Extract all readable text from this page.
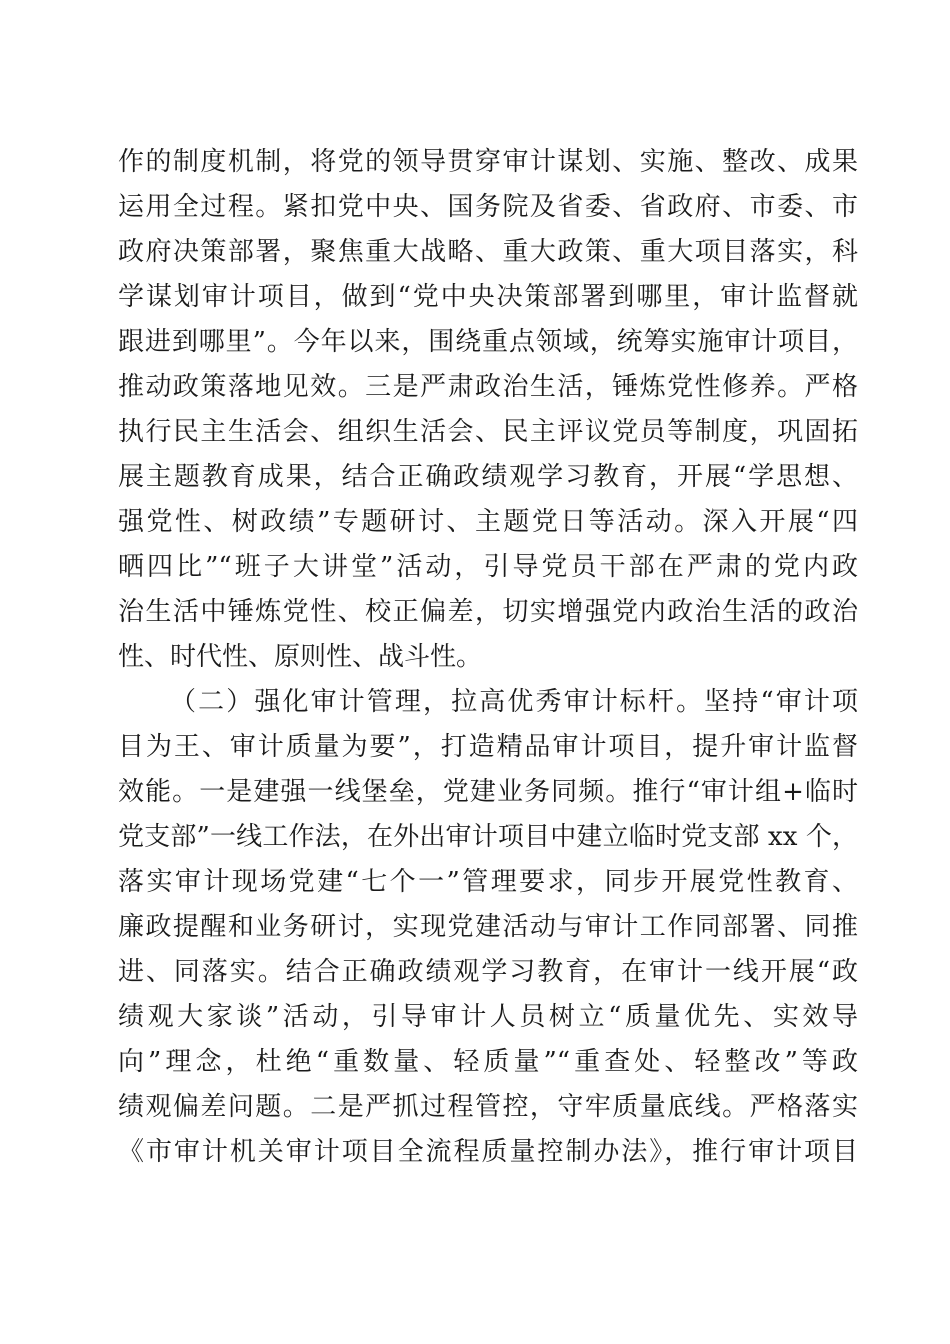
作的制度机制，将党的领导贯穿审计谋划、实施、整改、成果
运用全过程。紧扣党中央、国务院及省委、省政府、市委、市
政府决策部署，聚焦重大战略、重大政策、重大项目落实，科
学谋划审计项目，做到“党中央决策部署到哪里，审计监督就
跟进到哪里”。今年以来，围绕重点领域，统筹实施审计项目，
推动政策落地见效。三是严肃政治生活，锤炼党性修养。严格
执行民主生活会、组织生活会、民主评议党员等制度，巩固拓
展主题教育成果，结合正确政绩观学习教育，开展“学思想、
强党性、树政绩”专题研讨、主题党日等活动。深入开展“四
晒四比”“班子大讲堂”活动，引导党员干部在严肃的党内政
治生活中锤炼党性、校正偏差，切实增强党内政治生活的政治
性、时代性、原则性、战斗性。
（二）强化审计管理，拉高优秀审计标杆。坚持“审计项
目为王、审计质量为要”，打造精品审计项目，提升审计监督
效能。一是建强一线堡垒，党建业务同频。推行“审计组+临时
党支部”一线工作法，在外出审计项目中建立临时党支部 xx 个，
落实审计现场党建“七个一”管理要求，同步开展党性教育、
廉政提醒和业务研讨，实现党建活动与审计工作同部署、同推
进、同落实。结合正确政绩观学习教育，在审计一线开展“政
绩观大家谈”活动，引导审计人员树立“质量优先、实效导
向”理念，杜绝“重数量、轻质量”“重查处、轻整改”等政
绩观偏差问题。二是严抓过程管控，守牢质量底线。严格落实
《市审计机关审计项目全流程质量控制办法》，推行审计项目
